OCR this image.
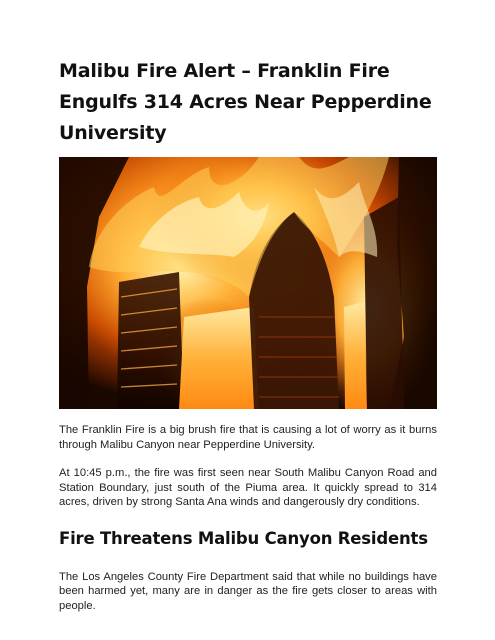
Malibu Fire Alert – Franklin Fire Engulfs 314 Acres Near Pepperdine University

The Franklin Fire is a big brush fire that is causing a lot of worry as it burns through Malibu Canyon near Pepperdine University.

At 10:45 p.m., the fire was first seen near South Malibu Canyon Road and Station Boundary, just south of the Piuma area. It quickly spread to 314 acres, driven by strong Santa Ana winds and dangerously dry conditions.

Fire Threatens Malibu Canyon Residents

The Los Angeles County Fire Department said that while no buildings have been harmed yet, many are in danger as the fire gets closer to areas with people.
